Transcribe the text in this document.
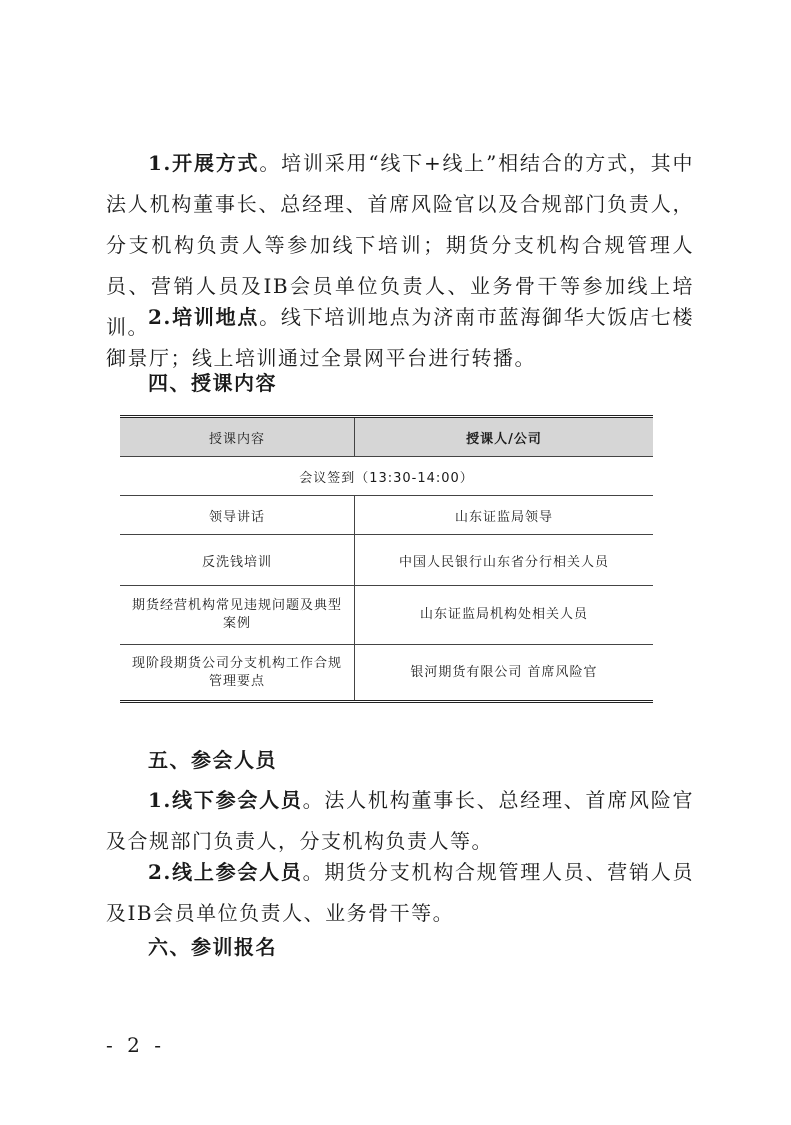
1.开展方式。培训采用“线下+线上”相结合的方式，其中法人机构董事长、总经理、首席风险官以及合规部门负责人，分支机构负责人等参加线下培训；期货分支机构合规管理人员、营销人员及IB会员单位负责人、业务骨干等参加线上培训。 2.培训地点。线下培训地点为济南市蓝海御华大饭店七楼御景厅；线上培训通过全景网平台进行转播。

四、授课内容
授课内容	授课人/公司
会议签到（13:30-14:00）	
领导讲话	山东证监局领导
反洗钱培训	中国人民银行山东省分行相关人员
期货经营机构常见违规问题及典型案例	山东证监局机构处相关人员
现阶段期货公司分支机构工作合规管理要点	银河期货有限公司 首席风险官
五、参会人员

1.线下参会人员。法人机构董事长、总经理、首席风险官及合规部门负责人，分支机构负责人等。

2.线上参会人员。期货分支机构合规管理人员、营销人员及IB会员单位负责人、业务骨干等。

六、参训报名
- 2 -
